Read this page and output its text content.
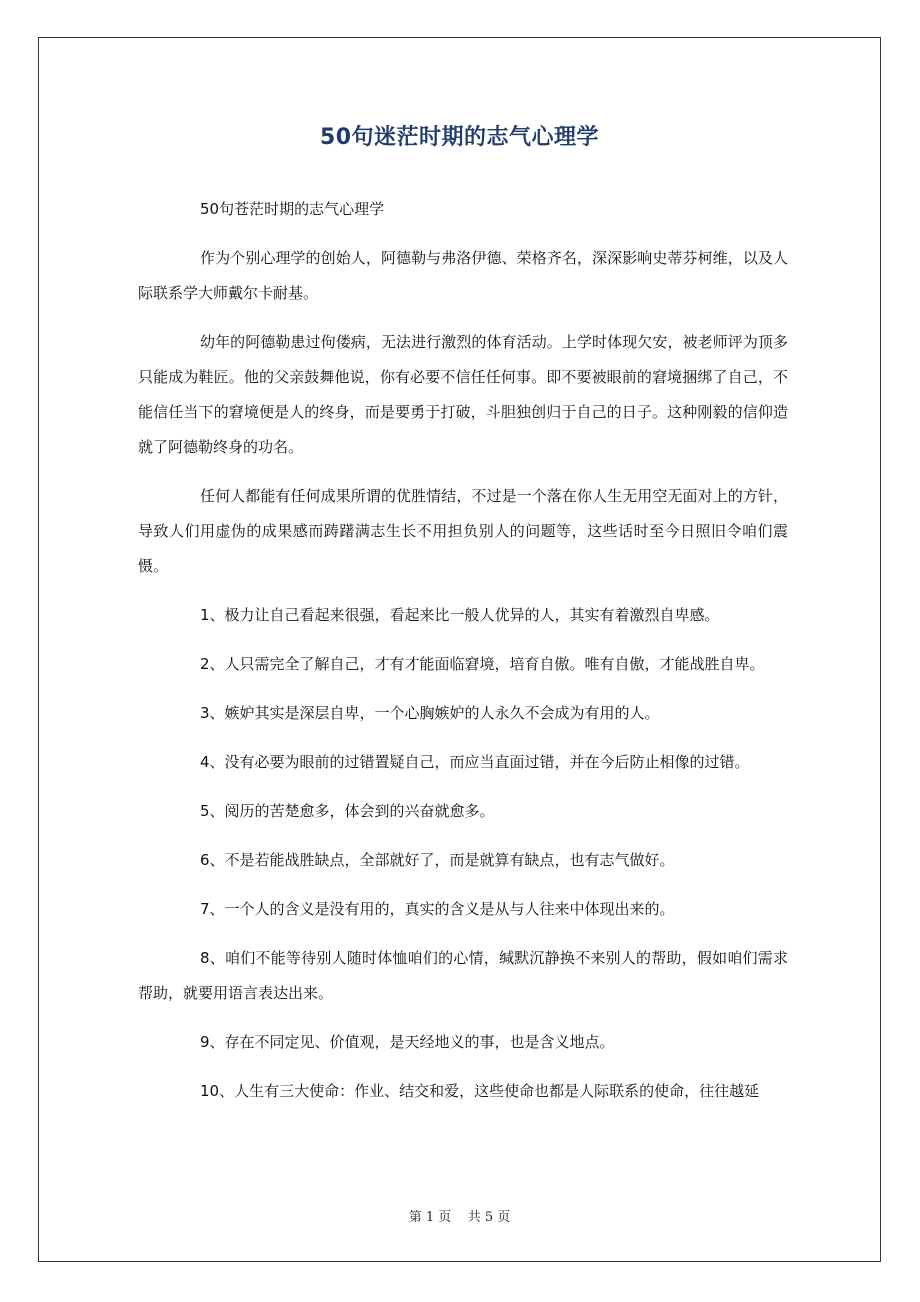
50句迷茫时期的志气心理学

50句苍茫时期的志气心理学

作为个别心理学的创始人，阿德勒与弗洛伊德、荣格齐名，深深影响史蒂芬柯维，以及人际联系学大师戴尔卡耐基。

幼年的阿德勒患过佝偻病，无法进行激烈的体育活动。上学时体现欠安，被老师评为顶多只能成为鞋匠。他的父亲鼓舞他说，你有必要不信任任何事。即不要被眼前的窘境捆绑了自己，不能信任当下的窘境便是人的终身，而是要勇于打破，斗胆独创归于自己的日子。这种刚毅的信仰造就了阿德勒终身的功名。

任何人都能有任何成果所谓的优胜情结，不过是一个落在你人生无用空无面对上的方针，导致人们用虚伪的成果感而踌躇满志生长不用担负别人的问题等，这些话时至今日照旧令咱们震慑。

1、极力让自己看起来很强，看起来比一般人优异的人，其实有着激烈自卑感。

2、人只需完全了解自己，才有才能面临窘境，培育自傲。唯有自傲，才能战胜自卑。

3、嫉妒其实是深层自卑，一个心胸嫉妒的人永久不会成为有用的人。

4、没有必要为眼前的过错置疑自己，而应当直面过错，并在今后防止相像的过错。

5、阅历的苦楚愈多，体会到的兴奋就愈多。

6、不是若能战胜缺点，全部就好了，而是就算有缺点，也有志气做好。

7、一个人的含义是没有用的，真实的含义是从与人往来中体现出来的。

8、咱们不能等待别人随时体恤咱们的心情，缄默沉静换不来别人的帮助，假如咱们需求帮助，就要用语言表达出来。

9、存在不同定见、价值观，是天经地义的事，也是含义地点。

10、人生有三大使命：作业、结交和爱，这些使命也都是人际联系的使命，往往越延

第 1 页 共 5 页
